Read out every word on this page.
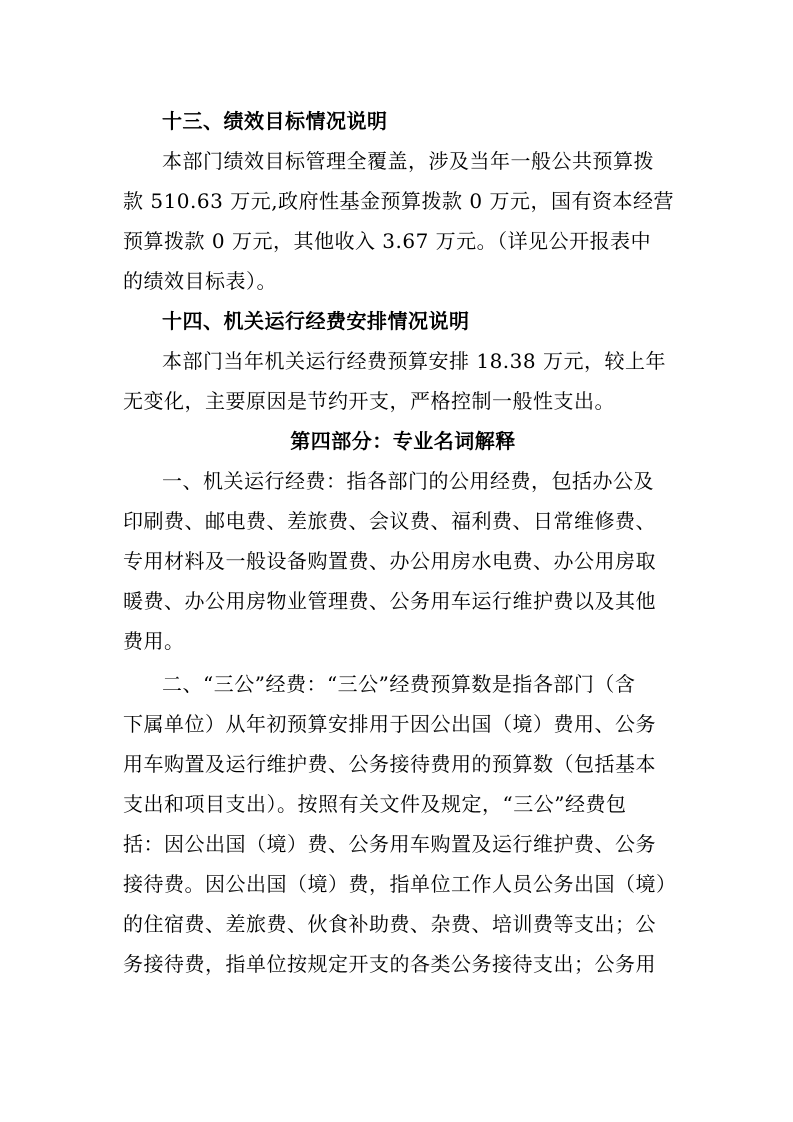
十三、绩效目标情况说明
本部门绩效目标管理全覆盖，涉及当年一般公共预算拨
款 510.63 万元,政府性基金预算拨款 0 万元，国有资本经营
预算拨款 0 万元，其他收入 3.67 万元。（详见公开报表中
的绩效目标表）。
十四、机关运行经费安排情况说明
本部门当年机关运行经费预算安排 18.38 万元，较上年
无变化，主要原因是节约开支，严格控制一般性支出。
第四部分：专业名词解释
一、机关运行经费：指各部门的公用经费，包括办公及
印刷费、邮电费、差旅费、会议费、福利费、日常维修费、
专用材料及一般设备购置费、办公用房水电费、办公用房取
暖费、办公用房物业管理费、公务用车运行维护费以及其他
费用。
二、“三公”经费：“三公”经费预算数是指各部门（含
下属单位）从年初预算安排用于因公出国（境）费用、公务
用车购置及运行维护费、公务接待费用的预算数（包括基本
支出和项目支出）。按照有关文件及规定，“三公”经费包
括：因公出国（境）费、公务用车购置及运行维护费、公务
接待费。因公出国（境）费，指单位工作人员公务出国（境）
的住宿费、差旅费、伙食补助费、杂费、培训费等支出；公
务接待费，指单位按规定开支的各类公务接待支出；公务用
